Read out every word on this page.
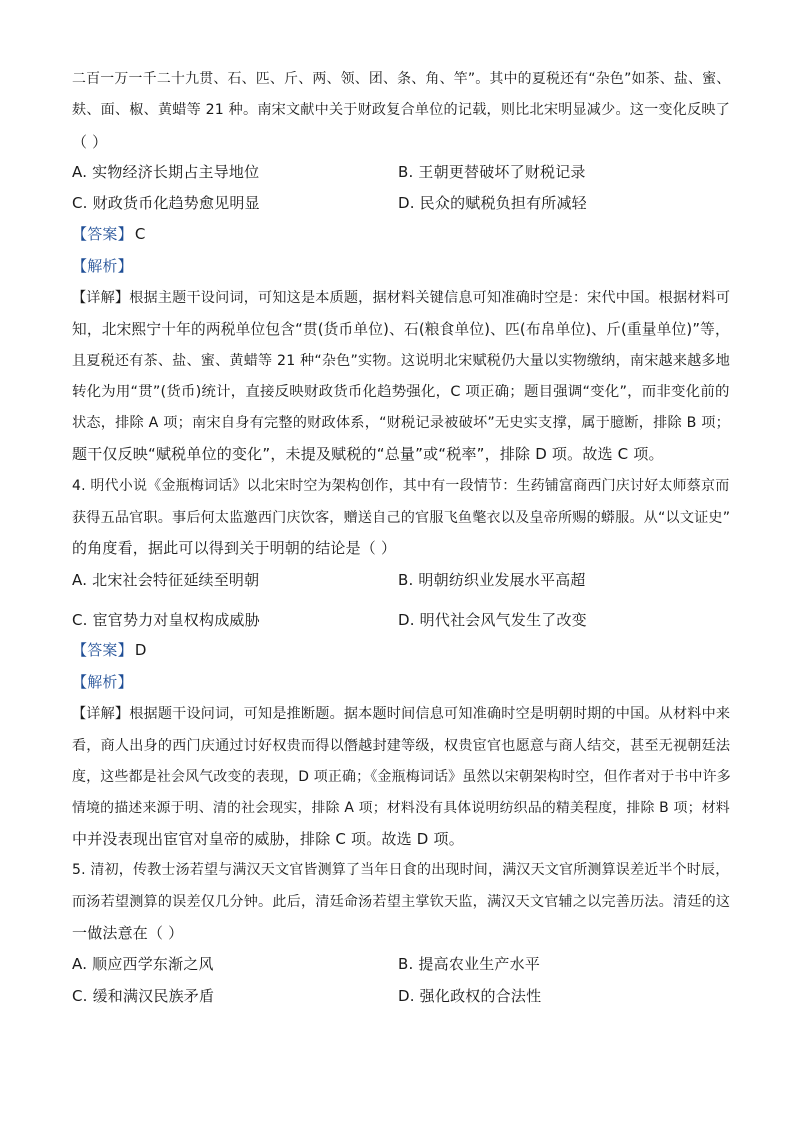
二百一万一千二十九贯、石、匹、斤、两、领、团、条、角、竿”。其中的夏税还有“杂色”如茶、盐、蜜、
麸、面、椒、黄蜡等 21 种。南宋文献中关于财政复合单位的记载，则比北宋明显减少。这一变化反映了
（ ）
A. 实物经济长期占主导地位	B. 王朝更替破坏了财税记录
C. 财政货币化趋势愈见明显	D. 民众的赋税负担有所减轻
【答案】 C
【解析】
【详解】根据主题干设问词，可知这是本质题，据材料关键信息可知准确时空是：宋代中国。根据材料可
知，北宋熙宁十年的两税单位包含“贯(货币单位)、石(粮食单位)、匹(布帛单位)、斤(重量单位)”等，
且夏税还有茶、盐、蜜、黄蜡等 21 种“杂色”实物。这说明北宋赋税仍大量以实物缴纳，南宋越来越多地
转化为用“贯”(货币)统计，直接反映财政货币化趋势强化，C 项正确；题目强调“变化”，而非变化前的
状态，排除 A 项；南宋自身有完整的财政体系，“财税记录被破坏”无史实支撑，属于臆断，排除 B 项；
题干仅反映“赋税单位的变化”，未提及赋税的“总量”或“税率”，排除 D 项。故选 C 项。
4. 明代小说《金瓶梅词话》以北宋时空为架构创作，其中有一段情节：生药铺富商西门庆讨好太师蔡京而
获得五品官职。事后何太监邀西门庆饮客，赠送自己的官服飞鱼氅衣以及皇帝所赐的蟒服。从“以文证史”
的角度看，据此可以得到关于明朝的结论是（ ）
A. 北宋社会特征延续至明朝	B. 明朝纺织业发展水平高超
C. 宦官势力对皇权构成威胁	D. 明代社会风气发生了改变
【答案】 D
【解析】
【详解】根据题干设问词，可知是推断题。据本题时间信息可知准确时空是明朝时期的中国。从材料中来
看，商人出身的西门庆通过讨好权贵而得以僭越封建等级，权贵宦官也愿意与商人结交，甚至无视朝廷法
度，这些都是社会风气改变的表现，D 项正确；《金瓶梅词话》虽然以宋朝架构时空，但作者对于书中许多
情境的描述来源于明、清的社会现实，排除 A 项；材料没有具体说明纺织品的精美程度，排除 B 项；材料
中并没表现出宦官对皇帝的威胁，排除 C 项。故选 D 项。
5. 清初，传教士汤若望与满汉天文官皆测算了当年日食的出现时间，满汉天文官所测算误差近半个时辰，
而汤若望测算的误差仅几分钟。此后，清廷命汤若望主掌钦天监，满汉天文官辅之以完善历法。清廷的这
一做法意在（ ）
A. 顺应西学东渐之风	B. 提高农业生产水平
C. 缓和满汉民族矛盾	D. 强化政权的合法性
